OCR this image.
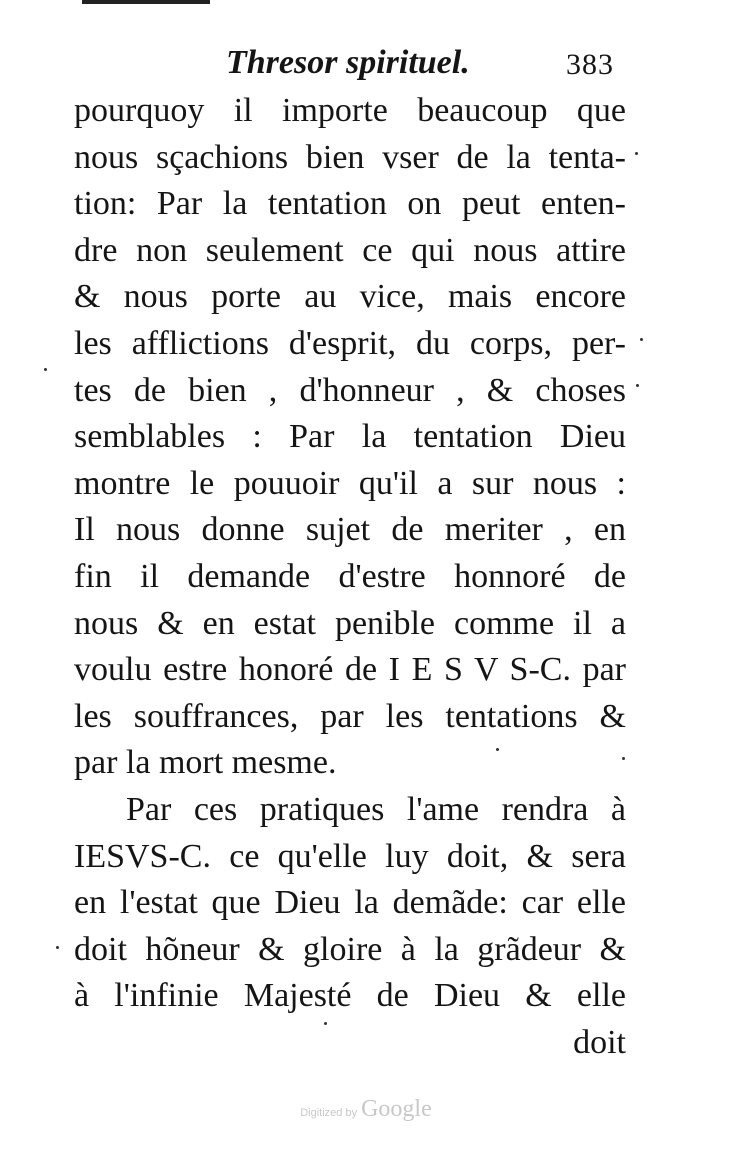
Thresor spirituel.	383
pourquoy il importe beaucoup que
nous sçachions bien vser de la tenta-
tion: Par la tentation on peut enten-
dre non seulement ce qui nous attire
& nous porte au vice, mais encore
les afflictions d'esprit, du corps, per-
tes de bien , d'honneur , & choses
semblables : Par la tentation Dieu
montre le pouuoir qu'il a sur nous :
Il nous donne sujet de meriter , en
fin il demande d'estre honnoré de
nous & en estat penible comme il a
voulu estre honoré de I E S V S-C. par
les souffrances, par les tentations &
par la mort mesme.
Par ces pratiques l'ame rendra à
IESVS-C. ce qu'elle luy doit, & sera
en l'estat que Dieu la demãde: car elle
doit hõneur & gloire à la grãdeur &
à l'infinie Majesté de Dieu & elle
doit
Digitized by Google
